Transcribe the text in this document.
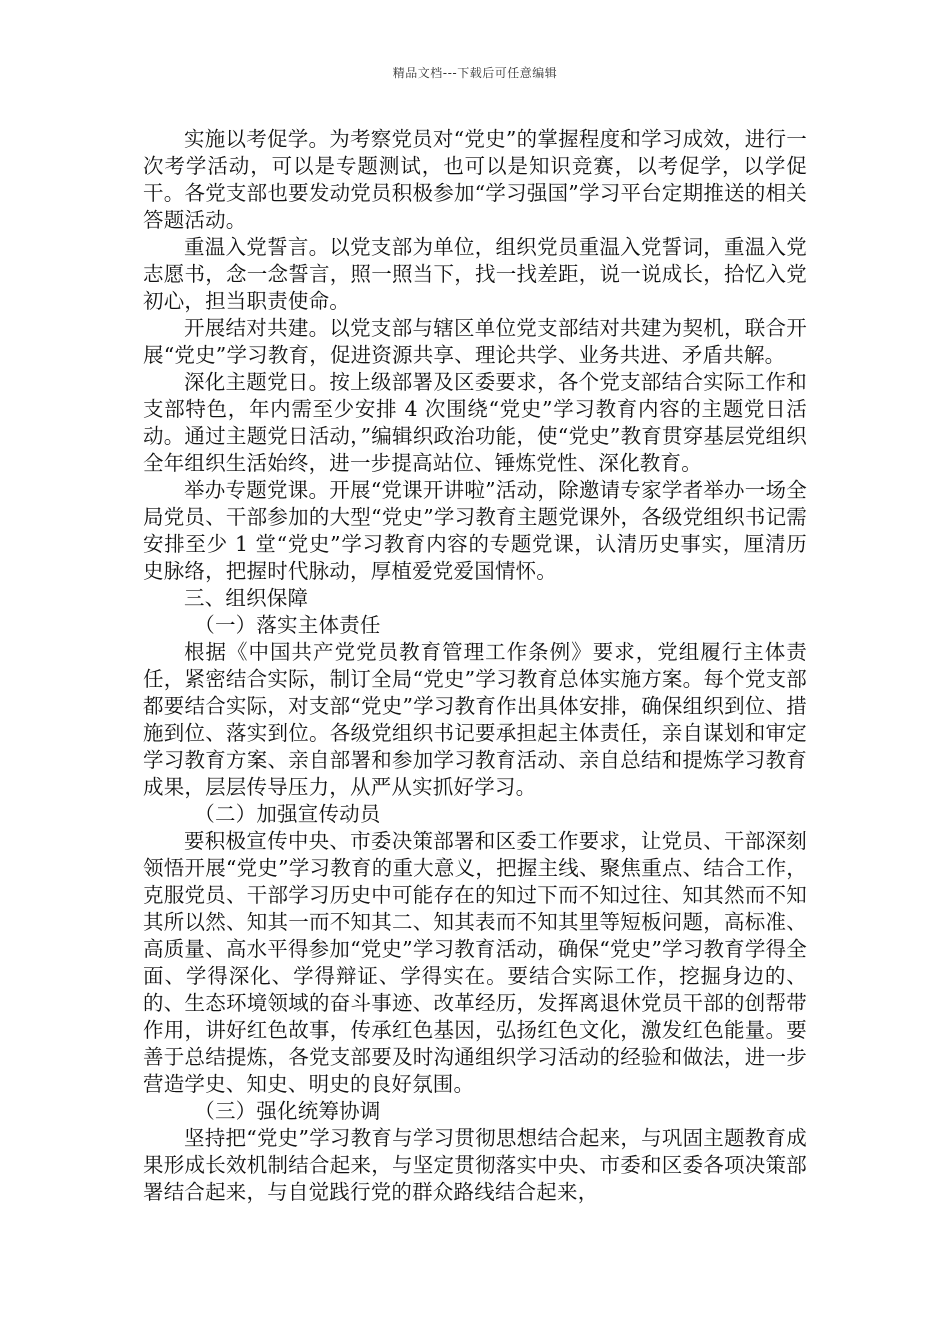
精品文档---下载后可任意编辑

实施以考促学。为考察党员对“党史”的掌握程度和学习成效，进行一次考学活动，可以是专题测试，也可以是知识竞赛，以考促学，以学促干。各党支部也要发动党员积极参加“学习强国”学习平台定期推送的相关答题活动。

重温入党誓言。以党支部为单位，组织党员重温入党誓词，重温入党志愿书，念一念誓言，照一照当下，找一找差距，说一说成长，拾忆入党初心，担当职责使命。

开展结对共建。以党支部与辖区单位党支部结对共建为契机，联合开展“党史”学习教育，促进资源共享、理论共学、业务共进、矛盾共解。

深化主题党日。按上级部署及区委要求，各个党支部结合实际工作和支部特色，年内需至少安排 4 次围绕“党史”学习教育内容的主题党日活动。通过主题党日活动，”编辑织政治功能，使“党史”教育贯穿基层党组织全年组织生活始终，进一步提高站位、锤炼党性、深化教育。

举办专题党课。开展“党课开讲啦”活动，除邀请专家学者举办一场全局党员、干部参加的大型“党史”学习教育主题党课外，各级党组织书记需安排至少 1 堂“党史”学习教育内容的专题党课，认清历史事实，厘清历史脉络，把握时代脉动，厚植爱党爱国情怀。

三、组织保障

（一）落实主体责任

根据《中国共产党党员教育管理工作条例》要求，党组履行主体责任，紧密结合实际，制订全局“党史”学习教育总体实施方案。每个党支部都要结合实际，对支部“党史”学习教育作出具体安排，确保组织到位、措施到位、落实到位。各级党组织书记要承担起主体责任，亲自谋划和审定学习教育方案、亲自部署和参加学习教育活动、亲自总结和提炼学习教育成果，层层传导压力，从严从实抓好学习。

（二）加强宣传动员

要积极宣传中央、市委决策部署和区委工作要求，让党员、干部深刻领悟开展“党史”学习教育的重大意义，把握主线、聚焦重点、结合工作，克服党员、干部学习历史中可能存在的知过下而不知过往、知其然而不知其所以然、知其一而不知其二、知其表而不知其里等短板问题，高标准、高质量、高水平得参加“党史”学习教育活动，确保“党史”学习教育学得全面、学得深化、学得辩证、学得实在。要结合实际工作，挖掘身边的、的、生态环境领域的奋斗事迹、改革经历，发挥离退休党员干部的创帮带作用，讲好红色故事，传承红色基因，弘扬红色文化，激发红色能量。要善于总结提炼，各党支部要及时沟通组织学习活动的经验和做法，进一步营造学史、知史、明史的良好氛围。

（三）强化统筹协调

坚持把“党史”学习教育与学习贯彻思想结合起来，与巩固主题教育成果形成长效机制结合起来，与坚定贯彻落实中央、市委和区委各项决策部署结合起来，与自觉践行党的群众路线结合起来，
